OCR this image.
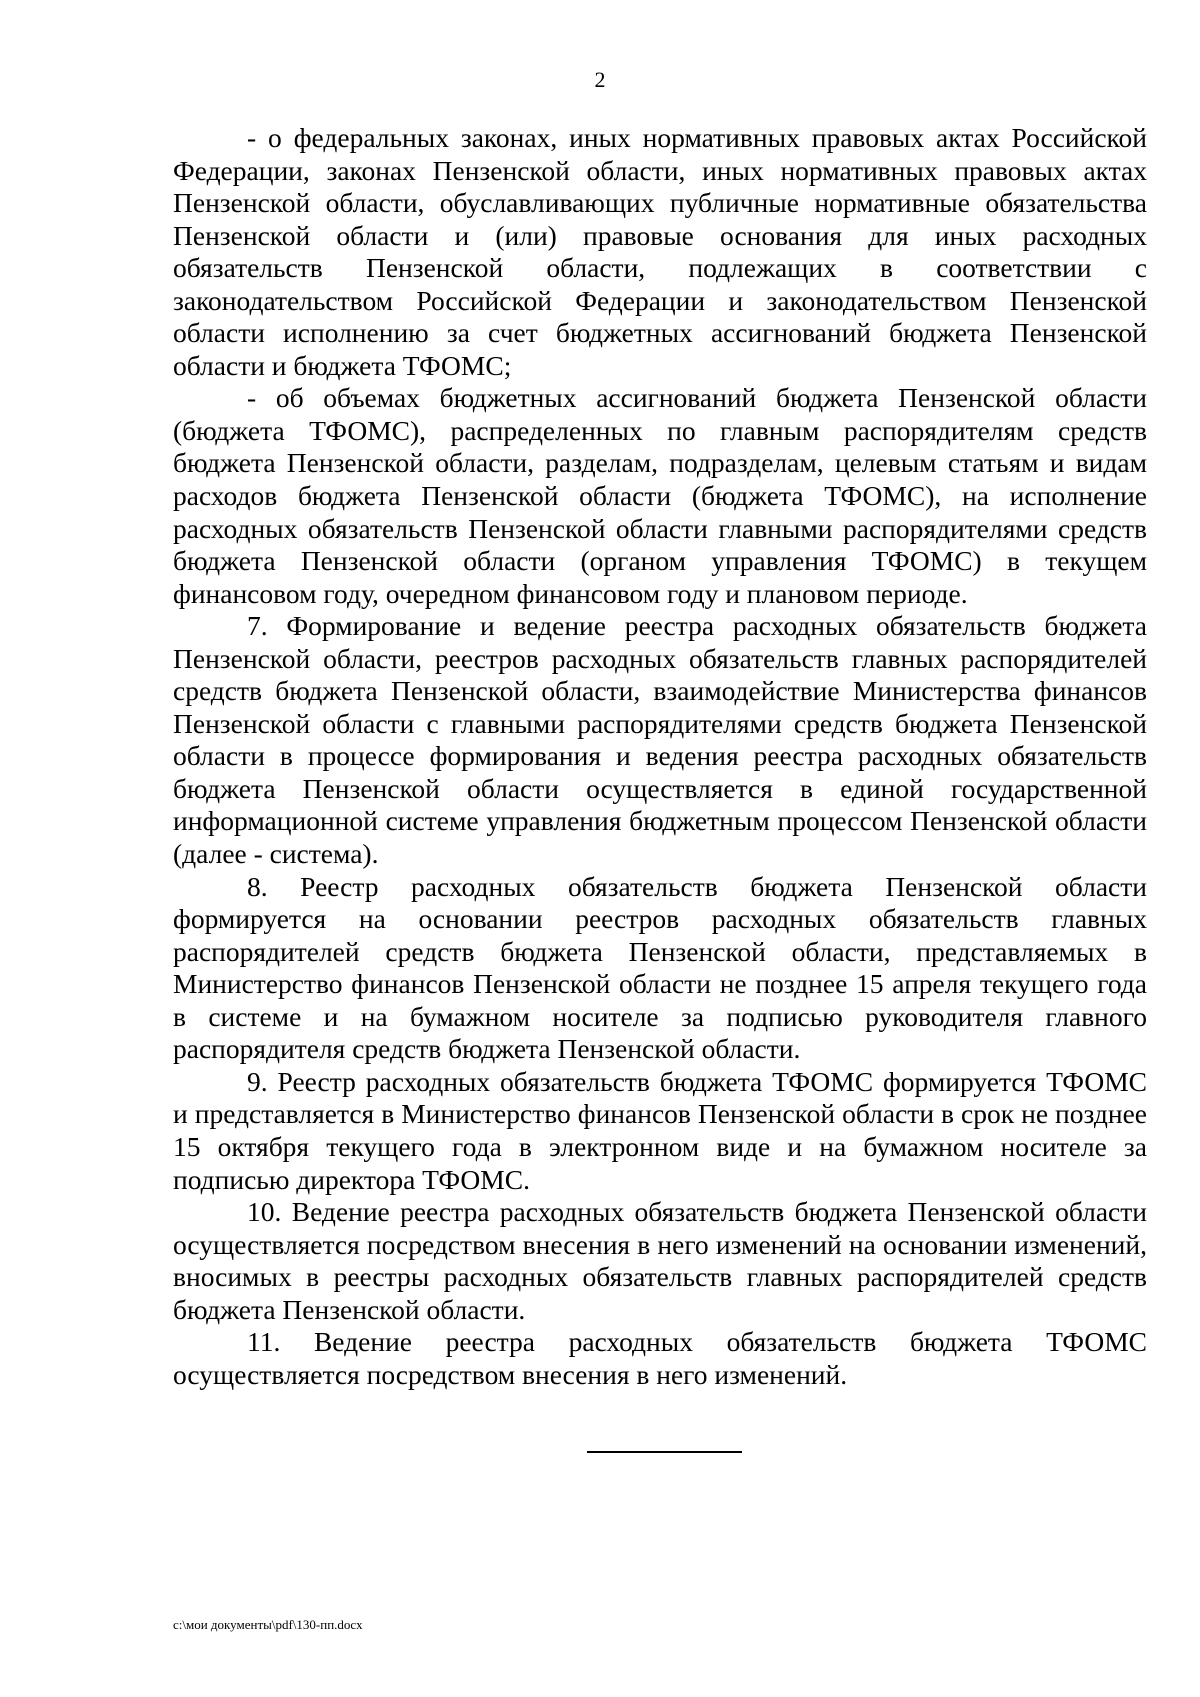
2

- о федеральных законах, иных нормативных правовых актах Российской Федерации, законах Пензенской области, иных нормативных правовых актах Пензенской области, обуславливающих публичные нормативные обязательства Пензенской области и (или) правовые основания для иных расходных обязательств Пензенской области, подлежащих в соответствии с законодательством Российской Федерации и законодательством Пензенской области исполнению за счет бюджетных ассигнований бюджета Пензенской области и бюджета ТФОМС;

- об объемах бюджетных ассигнований бюджета Пензенской области (бюджета ТФОМС), распределенных по главным распорядителям средств бюджета Пензенской области, разделам, подразделам, целевым статьям и видам расходов бюджета Пензенской области (бюджета ТФОМС), на исполнение расходных обязательств Пензенской области главными распорядителями средств бюджета Пензенской области (органом управления ТФОМС) в текущем финансовом году, очередном финансовом году и плановом периоде.

7. Формирование и ведение реестра расходных обязательств бюджета Пензенской области, реестров расходных обязательств главных распорядителей средств бюджета Пензенской области, взаимодействие Министерства финансов Пензенской области с главными распорядителями средств бюджета Пензенской области в процессе формирования и ведения реестра расходных обязательств бюджета Пензенской области осуществляется в единой государственной информационной системе управления бюджетным процессом Пензенской области (далее - система).

8. Реестр расходных обязательств бюджета Пензенской области формируется на основании реестров расходных обязательств главных распорядителей средств бюджета Пензенской области, представляемых в Министерство финансов Пензенской области не позднее 15 апреля текущего года в системе и на бумажном носителе за подписью руководителя главного распорядителя средств бюджета Пензенской области.

9. Реестр расходных обязательств бюджета ТФОМС формируется ТФОМС и представляется в Министерство финансов Пензенской области в срок не позднее 15 октября текущего года в электронном виде и на бумажном носителе за подписью директора ТФОМС.

10. Ведение реестра расходных обязательств бюджета Пензенской области осуществляется посредством внесения в него изменений на основании изменений, вносимых в реестры расходных обязательств главных распорядителей средств бюджета Пензенской области.

11. Ведение реестра расходных обязательств бюджета ТФОМС осуществляется посредством внесения в него изменений.

c:\мои документы\pdf\130-пп.docx
